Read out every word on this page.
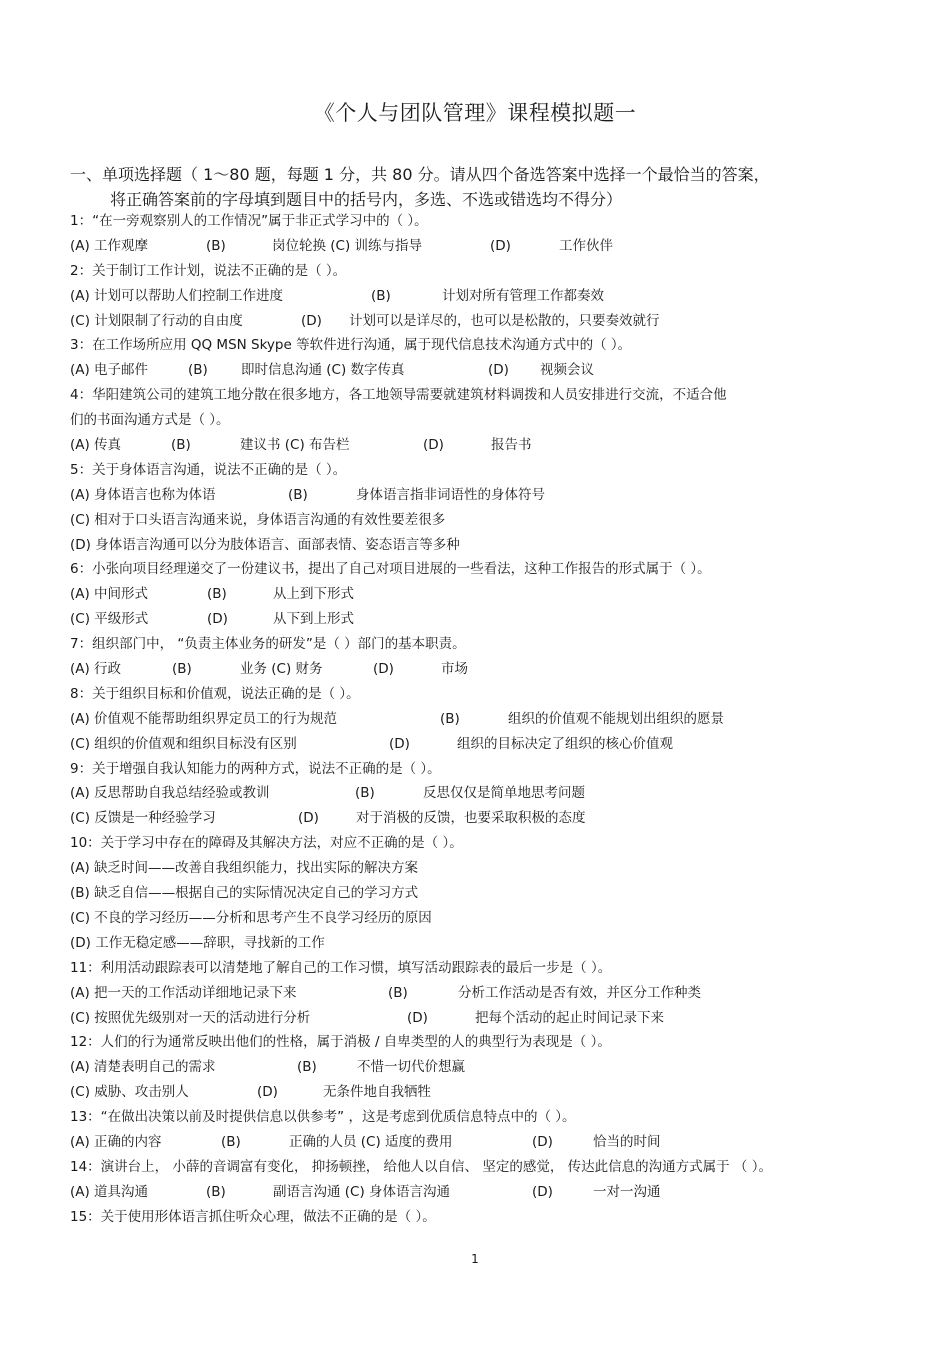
《个人与团队管理》课程模拟题一
一、单项选择题（ 1～80 题，每题 1 分，共 80 分。请从四个备选答案中选择一个最恰当的答案，
将正确答案前的字母填到题目中的括号内，多选、不选或错选均不得分）
1：“在一旁观察别人的工作情况”属于非正式学习中的（ ）。
(A) 工作观摩	(B)	岗位轮换 (C) 训练与指导	(D)	工作伙伴
2：关于制订工作计划，说法不正确的是（ ）。
(A) 计划可以帮助人们控制工作进度	(B)	计划对所有管理工作都奏效
(C) 计划限制了行动的自由度	(D) 计划可以是详尽的，也可以是松散的，只要奏效就行
3：在工作场所应用 QQ MSN Skype 等软件进行沟通，属于现代信息技术沟通方式中的（ ）。
(A) 电子邮件	(B) 即时信息沟通 (C) 数字传真	(D) 视频会议
4：华阳建筑公司的建筑工地分散在很多地方，各工地领导需要就建筑材料调拨和人员安排进行交流，不适合他
们的书面沟通方式是（ ）。
(A) 传真	(B)	建议书 (C) 布告栏	(D)	报告书
5：关于身体语言沟通，说法不正确的是（ ）。
(A) 身体语言也称为体语	(B)	身体语言指非词语性的身体符号
(C) 相对于口头语言沟通来说，身体语言沟通的有效性要差很多
(D) 身体语言沟通可以分为肢体语言、面部表情、姿态语言等多种
6：小张向项目经理递交了一份建议书，提出了自己对项目进展的一些看法，这种工作报告的形式属于（ ）。
(A) 中间形式	(B)	从上到下形式
(C) 平级形式	(D)	从下到上形式
7：组织部门中， “负责主体业务的研发”是（ ）部门的基本职责。
(A) 行政	(B)	业务 (C) 财务	(D)	市场
8：关于组织目标和价值观，说法正确的是（ ）。
(A) 价值观不能帮助组织界定员工的行为规范	(B)	组织的价值观不能规划出组织的愿景
(C) 组织的价值观和组织目标没有区别	(D)	组织的目标决定了组织的核心价值观
9：关于增强自我认知能力的两种方式，说法不正确的是（ ）。
(A) 反思帮助自我总结经验或教训	(B)	反思仅仅是简单地思考问题
(C) 反馈是一种经验学习	(D)	对于消极的反馈，也要采取积极的态度
10：关于学习中存在的障碍及其解决方法，对应不正确的是（ ）。
(A) 缺乏时间——改善自我组织能力，找出实际的解决方案
(B) 缺乏自信——根据自己的实际情况决定自己的学习方式
(C) 不良的学习经历——分析和思考产生不良学习经历的原因
(D) 工作无稳定感——辞职，寻找新的工作
11：利用活动跟踪表可以清楚地了解自己的工作习惯，填写活动跟踪表的最后一步是（ ）。
(A) 把一天的工作活动详细地记录下来	(B)	分析工作活动是否有效，并区分工作种类
(C) 按照优先级别对一天的活动进行分析	(D)	把每个活动的起止时间记录下来
12：人们的行为通常反映出他们的性格，属于消极 / 自卑类型的人的典型行为表现是（ ）。
(A) 清楚表明自己的需求	(B)	不惜一切代价想赢
(C) 威胁、攻击别人	(D)	无条件地自我牺牲
13：“在做出决策以前及时提供信息以供参考” ，这是考虑到优质信息特点中的（ ）。
(A) 正确的内容	(B)	正确的人员 (C) 适度的费用	(D)	恰当的时间
14：演讲台上， 小薛的音调富有变化， 抑扬顿挫， 给他人以自信、 坚定的感觉， 传达此信息的沟通方式属于 （ ）。
(A) 道具沟通	(B)	副语言沟通 (C) 身体语言沟通	(D)	一对一沟通
15：关于使用形体语言抓住听众心理，做法不正确的是（ ）。
1
